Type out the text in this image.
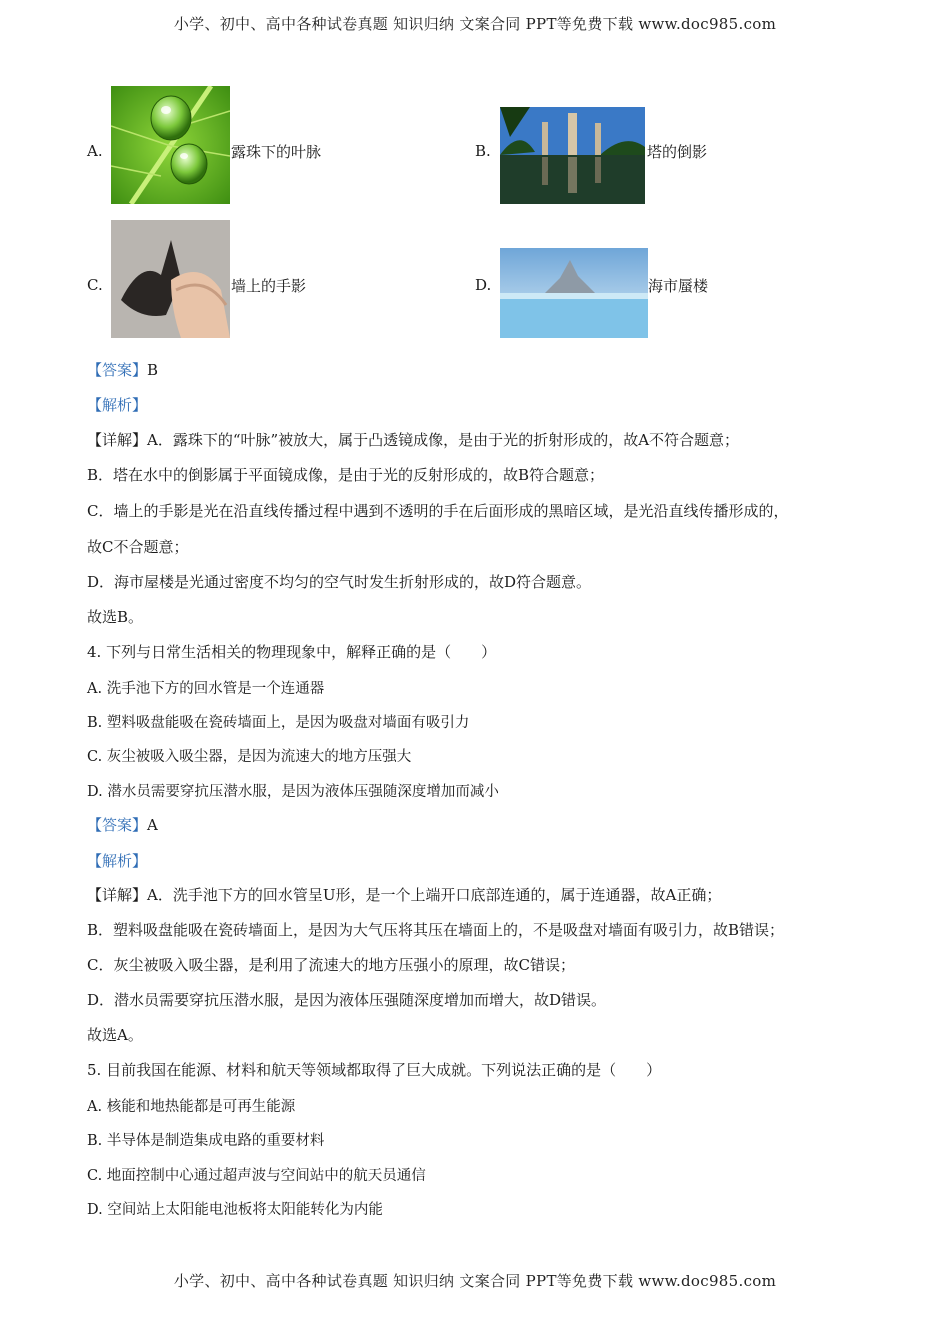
小学、初中、高中各种试卷真题 知识归纳 文案合同 PPT等免费下载 www.doc985.com
A.	露珠下的叶脉	B.	塔的倒影
C.	墙上的手影	D.	海市蜃楼
【答案】B
【解析】
【详解】A．露珠下的“叶脉”被放大，属于凸透镜成像，是由于光的折射形成的，故A不符合题意；
B．塔在水中的倒影属于平面镜成像，是由于光的反射形成的，故B符合题意；
C．墙上的手影是光在沿直线传播过程中遇到不透明的手在后面形成的黑暗区域，是光沿直线传播形成的，
故C不合题意；
D．海市屋楼是光通过密度不均匀的空气时发生折射形成的，故D符合题意。
故选B。
4. 下列与日常生活相关的物理现象中，解释正确的是（　　）
A. 洗手池下方的回水管是一个连通器
B. 塑料吸盘能吸在瓷砖墙面上，是因为吸盘对墙面有吸引力
C. 灰尘被吸入吸尘器，是因为流速大的地方压强大
D. 潜水员需要穿抗压潜水服，是因为液体压强随深度增加而减小
【答案】A
【解析】
【详解】A．洗手池下方的回水管呈U形，是一个上端开口底部连通的，属于连通器，故A正确；
B．塑料吸盘能吸在瓷砖墙面上，是因为大气压将其压在墙面上的，不是吸盘对墙面有吸引力，故B错误；
C．灰尘被吸入吸尘器，是利用了流速大的地方压强小的原理，故C错误；
D．潜水员需要穿抗压潜水服，是因为液体压强随深度增加而增大，故D错误。
故选A。
5. 目前我国在能源、材料和航天等领域都取得了巨大成就。下列说法正确的是（　　）
A. 核能和地热能都是可再生能源
B. 半导体是制造集成电路的重要材料
C. 地面控制中心通过超声波与空间站中的航天员通信
D. 空间站上太阳能电池板将太阳能转化为内能
小学、初中、高中各种试卷真题 知识归纳 文案合同 PPT等免费下载 www.doc985.com
